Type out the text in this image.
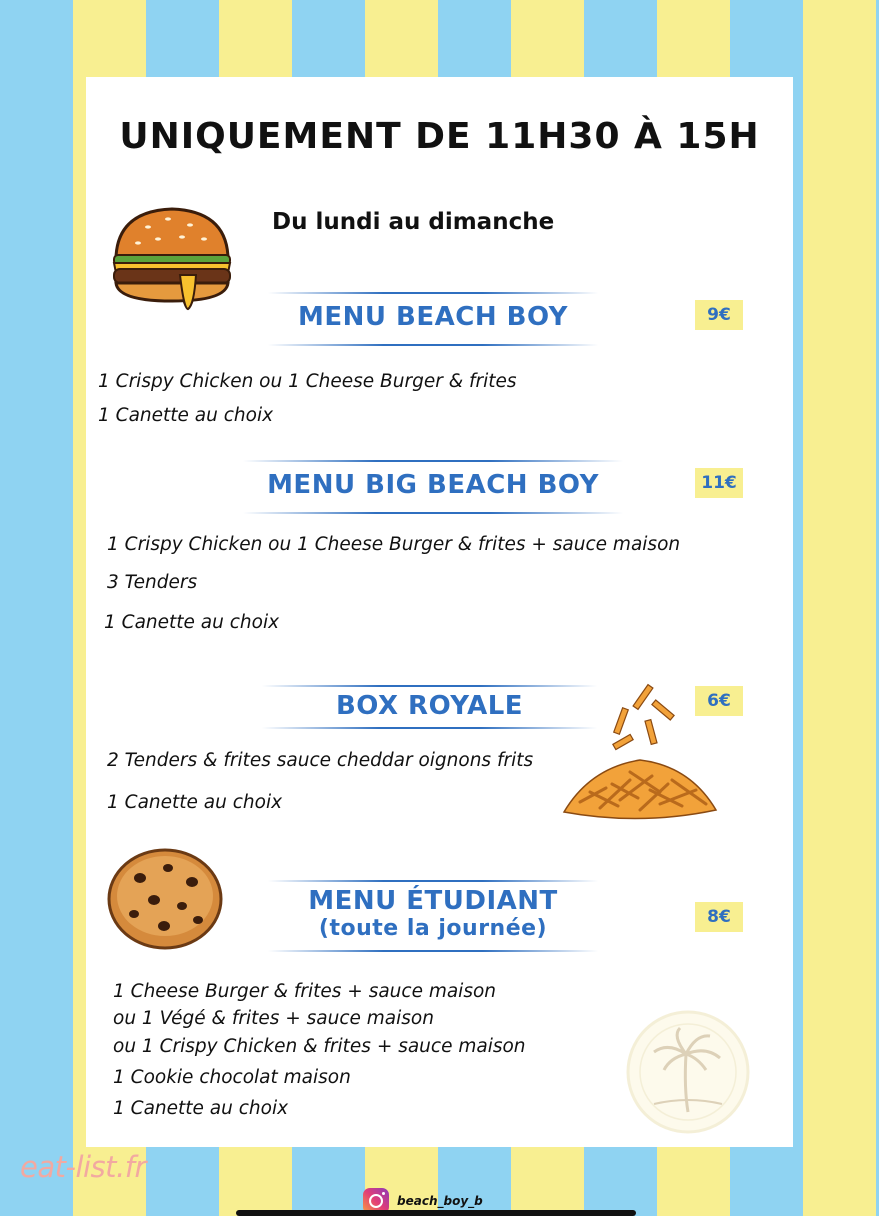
UNIQUEMENT DE 11H30 À 15H
Du lundi au dimanche
MENU BEACH BOY	9€
1 Crispy Chicken ou 1 Cheese Burger & frites
1 Canette au choix
MENU BIG BEACH BOY	11€
1 Crispy Chicken ou 1 Cheese Burger & frites + sauce maison
3 Tenders
1 Canette au choix
BOX ROYALE	6€
2 Tenders & frites sauce cheddar oignons frits
1 Canette au choix
MENU ÉTUDIANT
(toute la journée)	8€
1 Cheese Burger & frites + sauce maison
ou 1 Végé & frites + sauce maison
ou 1 Crispy Chicken & frites + sauce maison
1 Cookie chocolat maison
1 Canette au choix
eat-list.fr
beach_boy_b
